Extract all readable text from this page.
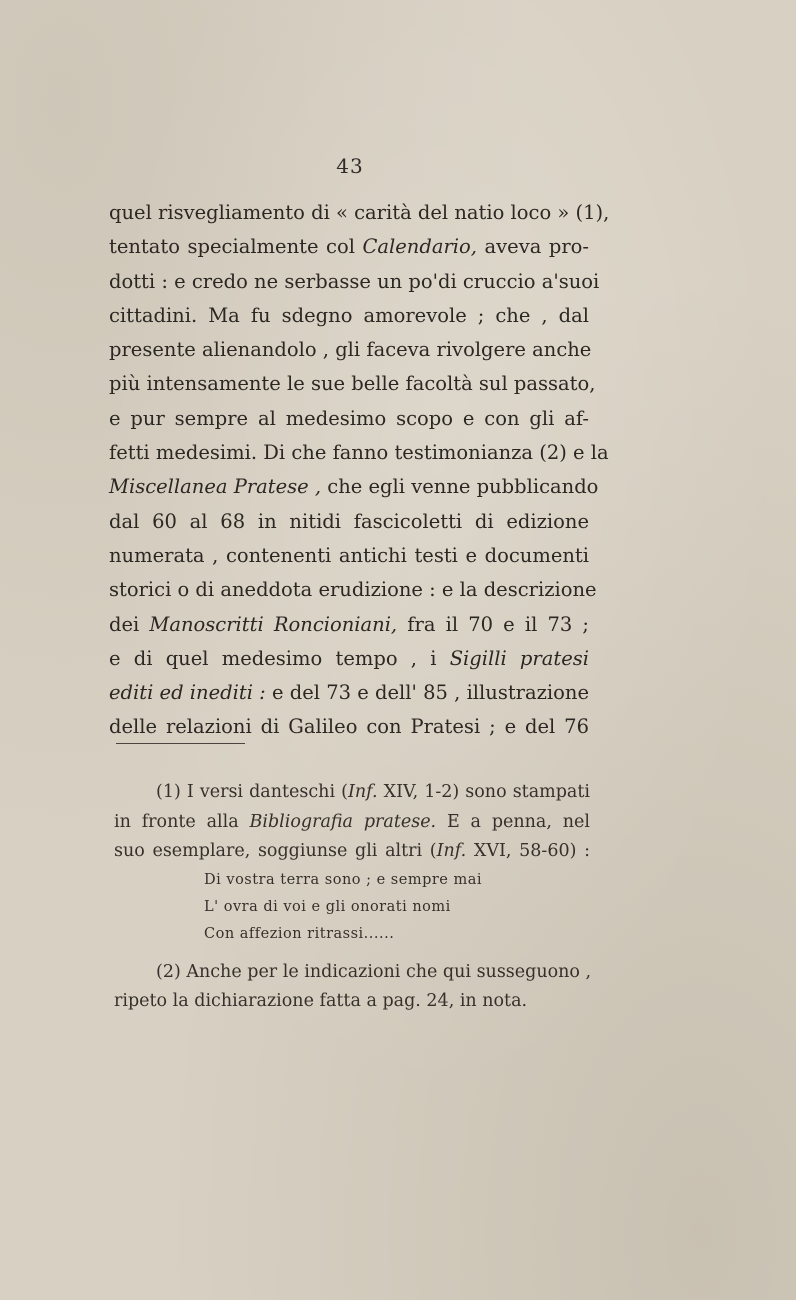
43
quel risvegliamento di « carità del natio loco » (1),
tentato specialmente col Calendario, aveva pro-
dotti : e credo ne serbasse un po'di cruccio a'suoi
cittadini. Ma fu sdegno amorevole ; che , dal
presente alienandolo , gli faceva rivolgere anche
più intensamente le sue belle facoltà sul passato,
e pur sempre al medesimo scopo e con gli af-
fetti medesimi. Di che fanno testimonianza (2) e la
Miscellanea Pratese , che egli venne pubblicando
dal 60 al 68 in nitidi fascicoletti di edizione
numerata , contenenti antichi testi e documenti
storici o di aneddota erudizione : e la descrizione
dei Manoscritti Roncioniani, fra il 70 e il 73 ;
e di quel medesimo tempo , i Sigilli pratesi
editi ed inediti : e del 73 e dell' 85 , illustrazione
delle relazioni di Galileo con Pratesi ; e del 76
(1) I versi danteschi (Inf. XIV, 1-2) sono stampati
in fronte alla Bibliografia pratese. E a penna, nel
suo esemplare, soggiunse gli altri (Inf. XVI, 58-60) :
Di vostra terra sono ; e sempre mai
L' ovra di voi e gli onorati nomi
Con affezion ritrassi......
(2) Anche per le indicazioni che qui susseguono ,
ripeto la dichiarazione fatta a pag. 24, in nota.
